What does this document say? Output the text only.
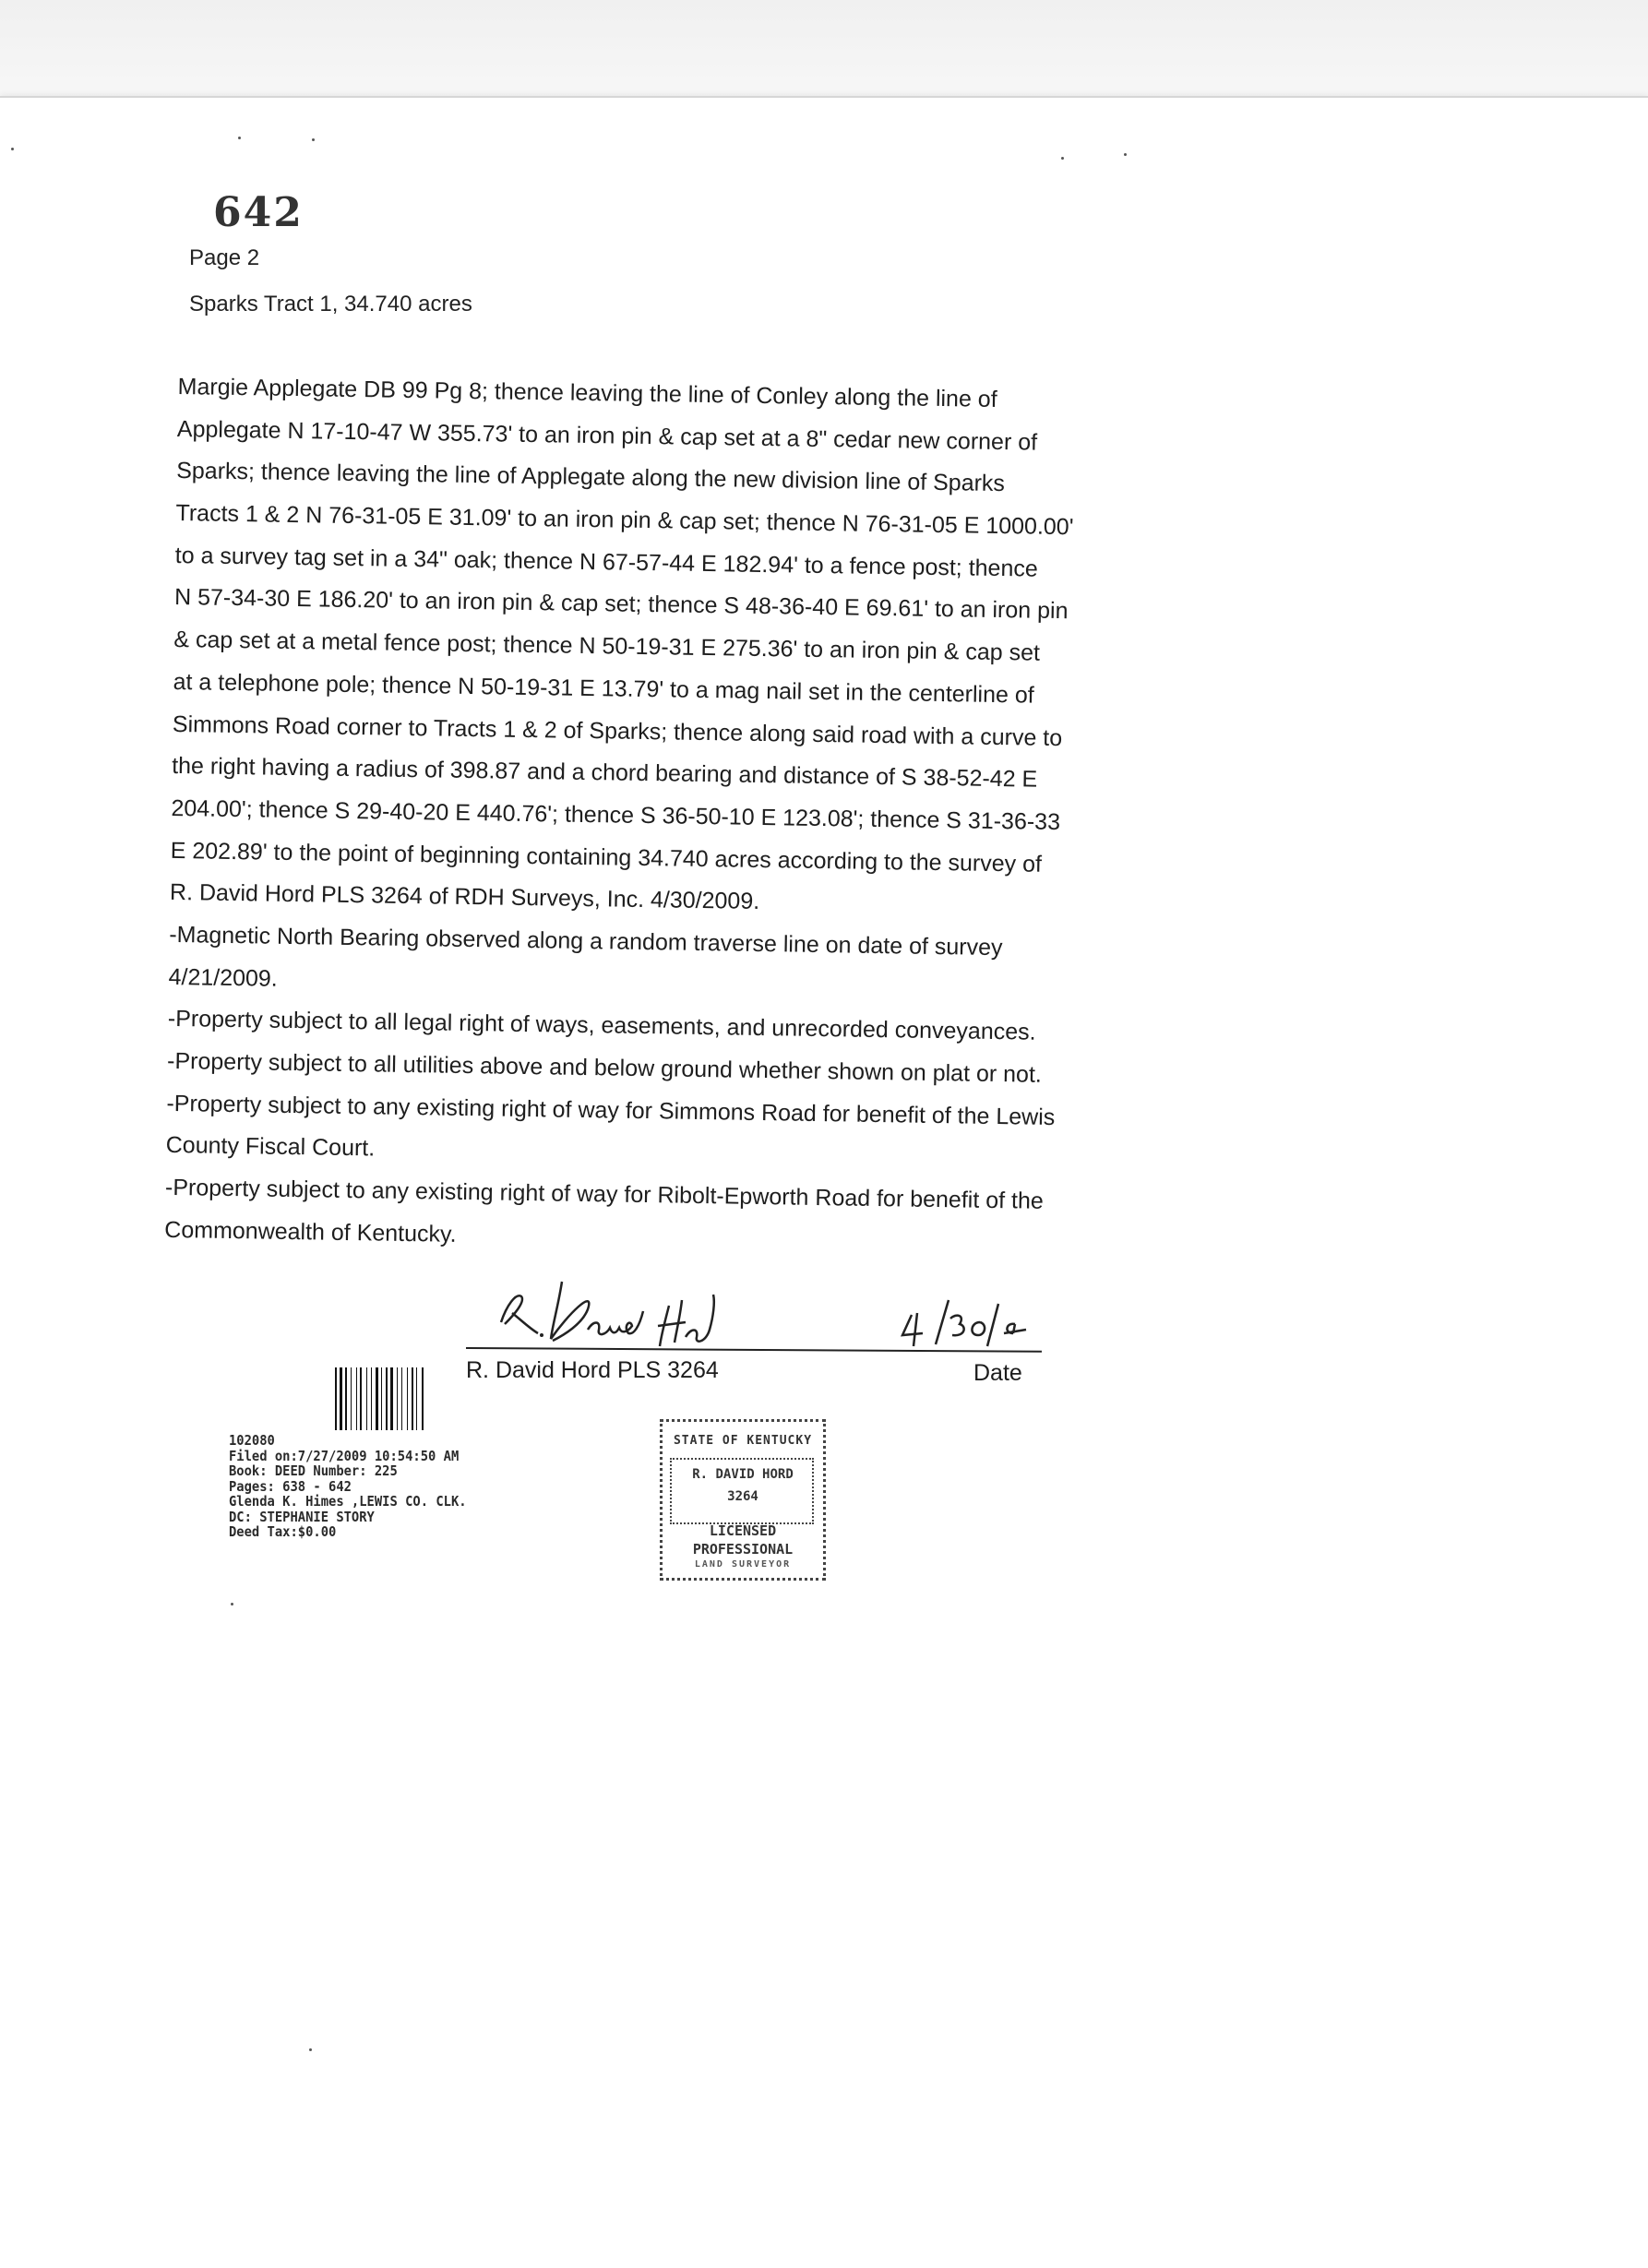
642
Page 2
Sparks Tract 1, 34.740 acres
Margie Applegate DB 99 Pg 8; thence leaving the line of Conley along the line of
Applegate N 17-10-47 W 355.73' to an iron pin & cap set at a 8" cedar new corner of
Sparks; thence leaving the line of Applegate along the new division line of Sparks
Tracts 1 & 2 N 76-31-05 E 31.09' to an iron pin & cap set; thence N 76-31-05 E 1000.00'
to a survey tag set in a 34" oak; thence N 67-57-44 E 182.94' to a fence post; thence
N 57-34-30 E 186.20' to an iron pin & cap set; thence S 48-36-40 E 69.61' to an iron pin
& cap set at a metal fence post; thence N 50-19-31 E 275.36' to an iron pin & cap set
at a telephone pole; thence N 50-19-31 E 13.79' to a mag nail set in the centerline of
Simmons Road corner to Tracts 1 & 2 of Sparks; thence along said road with a curve to
the right having a radius of 398.87 and a chord bearing and distance of S 38-52-42 E
204.00'; thence S 29-40-20 E 440.76'; thence S 36-50-10 E 123.08'; thence S 31-36-33
E 202.89' to the point of beginning containing 34.740 acres according to the survey of
R. David Hord PLS 3264 of RDH Surveys, Inc. 4/30/2009.
-Magnetic North Bearing observed along a random traverse line on date of survey
4/21/2009.
-Property subject to all legal right of ways, easements, and unrecorded conveyances.
-Property subject to all utilities above and below ground whether shown on plat or not.
-Property subject to any existing right of way for Simmons Road for benefit of the Lewis
County Fiscal Court.
-Property subject to any existing right of way for Ribolt-Epworth Road for benefit of the
Commonwealth of Kentucky.
R. David Hord PLS 3264	Date
102080
Filed on:7/27/2009 10:54:50 AM
Book: DEED Number: 225
Pages: 638 - 642
Glenda K. Himes ,LEWIS CO. CLK.
DC: STEPHANIE STORY
Deed Tax:$0.00
STATE OF KENTUCKY
R. DAVID HORD
3264
LICENSED
PROFESSIONAL
LAND SURVEYOR
